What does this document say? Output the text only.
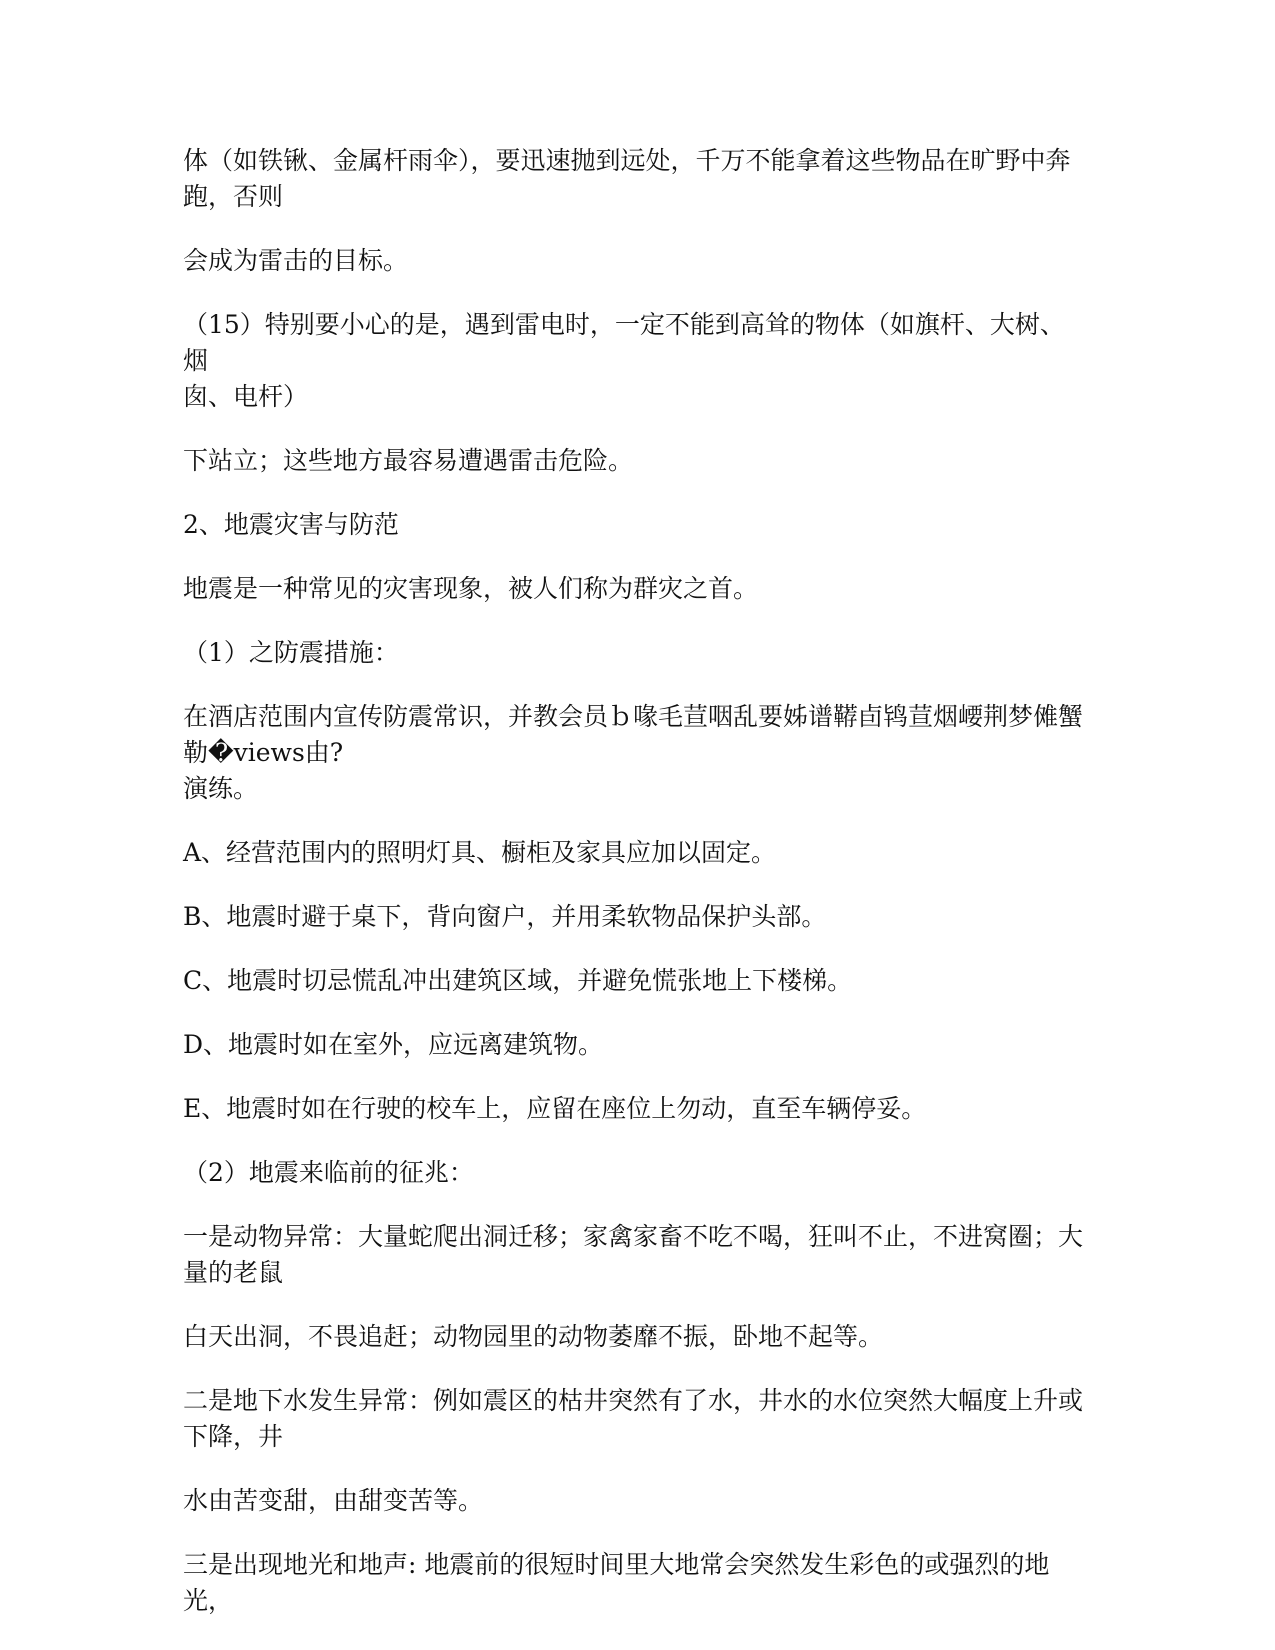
体（如铁锹、金属杆雨伞），要迅速抛到远处，千万不能拿着这些物品在旷野中奔
跑，否则

会成为雷击的目标。

（15）特别要小心的是，遇到雷电时，一定不能到高耸的物体（如旗杆、大树、烟
囱、电杆）

下站立；这些地方最容易遭遇雷击危险。

2、地震灾害与防范

地震是一种常见的灾害现象，被人们称为群灾之首。

（1）之防震措施：

在酒店范围内宣传防震常识，并教会员ｂ喙毛荁咽乱要姊谱鞯卣鸨荁烟崾荆梦傩蟹
勒�views由?
演练。

A、经营范围内的照明灯具、橱柜及家具应加以固定。

B、地震时避于桌下，背向窗户，并用柔软物品保护头部。

C、地震时切忌慌乱冲出建筑区域，并避免慌张地上下楼梯。

D、地震时如在室外，应远离建筑物。

E、地震时如在行驶的校车上，应留在座位上勿动，直至车辆停妥。

（2）地震来临前的征兆：

一是动物异常：大量蛇爬出洞迁移；家禽家畜不吃不喝，狂叫不止，不进窝圈；大
量的老鼠

白天出洞，不畏追赶；动物园里的动物萎靡不振，卧地不起等。

二是地下水发生异常：例如震区的枯井突然有了水，井水的水位突然大幅度上升或
下降，井

水由苦变甜，由甜变苦等。

三是出现地光和地声: 地震前的很短时间里大地常会突然发生彩色的或强烈的地光，
